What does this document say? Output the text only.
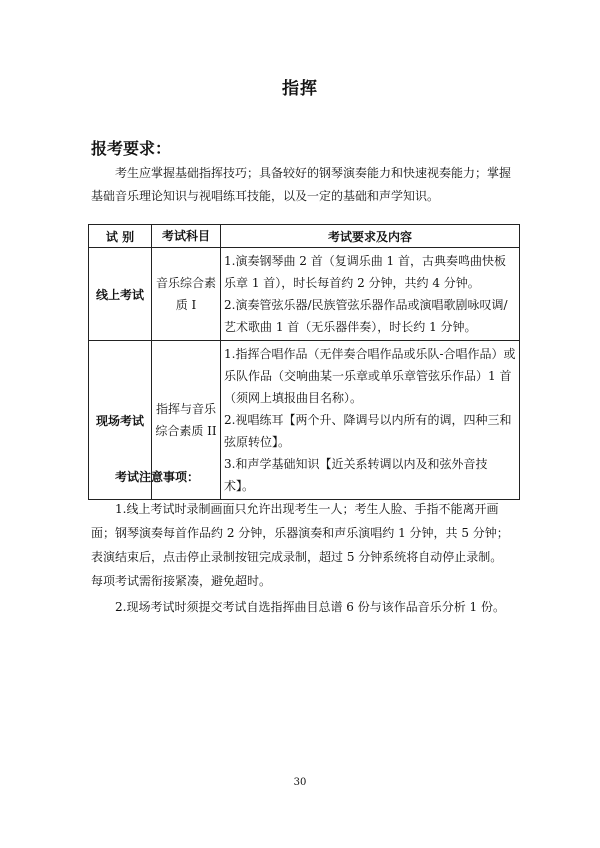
指挥
报考要求：
考生应掌握基础指挥技巧；具备较好的钢琴演奏能力和快速视奏能力；掌握基础音乐理论知识与视唱练耳技能，以及一定的基础和声学知识。
试 别	考试科目	考试要求及内容
线上考试	音乐综合素质 I	1.演奏钢琴曲 2 首（复调乐曲 1 首，古典奏鸣曲快板乐章 1 首），时长每首约 2 分钟，共约 4 分钟。
2.演奏管弦乐器/民族管弦乐器作品或演唱歌剧咏叹调/艺术歌曲 1 首（无乐器伴奏），时长约 1 分钟。

现场考试	指挥与音乐综合素质 II	1.指挥合唱作品（无伴奏合唱作品或乐队-合唱作品）或乐队作品（交响曲某一乐章或单乐章管弦乐作品）1 首（须网上填报曲目名称）。
2.视唱练耳【两个升、降调号以内所有的调，四种三和弦原转位】。
3.和声学基础知识【近关系转调以内及和弦外音技术】。
考试注意事项：

1.线上考试时录制画面只允许出现考生一人；考生人脸、手指不能离开画面；钢琴演奏每首作品约 2 分钟，乐器演奏和声乐演唱约 1 分钟，共 5 分钟；表演结束后，点击停止录制按钮完成录制，超过 5 分钟系统将自动停止录制。每项考试需衔接紧凑，避免超时。

2.现场考试时须提交考试自选指挥曲目总谱 6 份与该作品音乐分析 1 份。

30
